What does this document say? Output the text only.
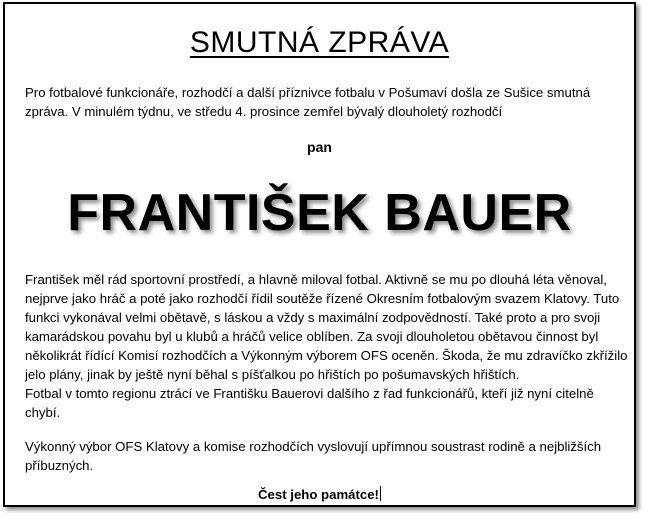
SMUTNÁ ZPRÁVA

Pro fotbalové funkcionáře, rozhodčí a další příznivce fotbalu v Pošumaví došla ze Sušice smutná zpráva. V minulém týdnu, ve středu 4. prosince zemřel bývalý dlouholetý rozhodčí

pan
FRANTIŠEK BAUER

František měl rád sportovní prostředí, a hlavně miloval fotbal. Aktivně se mu po dlouhá léta věnoval, nejprve jako hráč a poté jako rozhodčí řídil soutěže řízené Okresním fotbalovým svazem Klatovy. Tuto funkci vykonával velmi obětavě, s láskou a vždy s maximální zodpovědností. Také proto a pro svoji kamarádskou povahu byl u klubů a hráčů velice oblíben. Za svoji dlouholetou obětavou činnost byl několikrát řídící Komisí rozhodčích a Výkonným výborem OFS oceněn. Škoda, že mu zdravíčko zkřížilo jelo plány, jinak by ještě nyní běhal s píšťalkou po hřištích po pošumavských hřištích.
Fotbal v tomto regionu ztrácí ve Františku Bauerovi dalšího z řad funkcionářů, kteří již nyní citelně chybí.

Výkonný výbor OFS Klatovy a komise rozhodčích vyslovují upřímnou soustrast rodině a nejbližších příbuzných.

Čest jeho památce!
